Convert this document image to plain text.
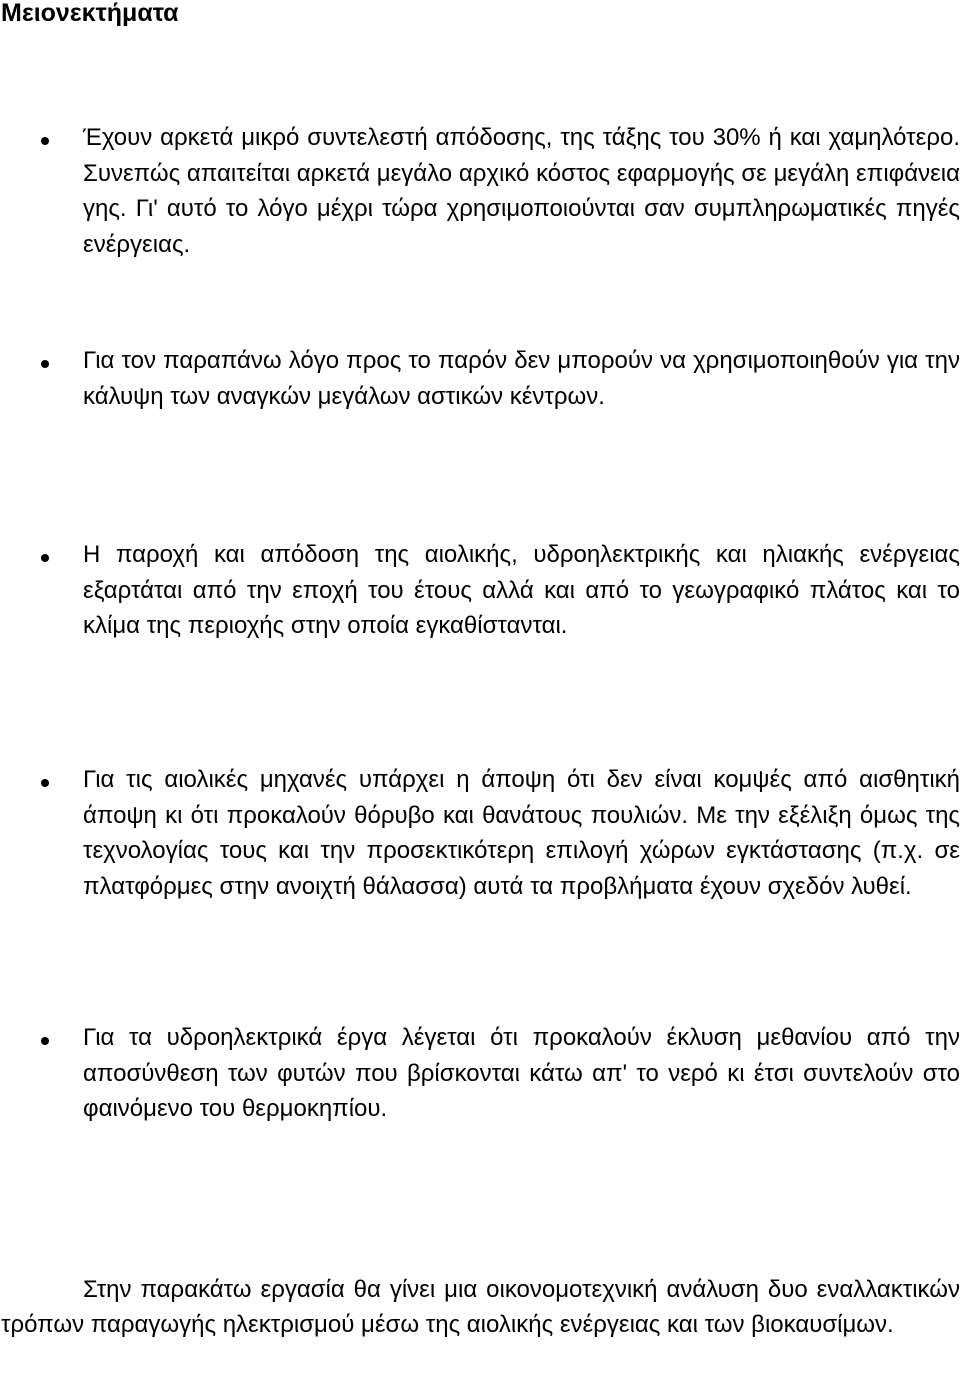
Μειονεκτήματα

Έχουν αρκετά μικρό συντελεστή απόδοσης, της τάξης του 30% ή και χαμηλότερο. Συνεπώς απαιτείται αρκετά μεγάλο αρχικό κόστος εφαρμογής σε μεγάλη επιφάνεια γης. Γι' αυτό το λόγο μέχρι τώρα χρησιμοποιούνται σαν συμπληρωματικές πηγές ενέργειας.

Για τον παραπάνω λόγο προς το παρόν δεν μπορούν να χρησιμοποιηθούν για την κάλυψη των αναγκών μεγάλων αστικών κέντρων.

Η παροχή και απόδοση της αιολικής, υδροηλεκτρικής και ηλιακής ενέργειας εξαρτάται από την εποχή του έτους αλλά και από το γεωγραφικό πλάτος και το κλίμα της περιοχής στην οποία εγκαθίστανται.

Για τις αιολικές μηχανές υπάρχει η άποψη ότι δεν είναι κομψές από αισθητική άποψη κι ότι προκαλούν θόρυβο και θανάτους πουλιών. Με την εξέλιξη όμως της τεχνολογίας τους και την προσεκτικότερη επιλογή χώρων εγκτάστασης (π.χ. σε πλατφόρμες στην ανοιχτή θάλασσα) αυτά τα προβλήματα έχουν σχεδόν λυθεί.

Για τα υδροηλεκτρικά έργα λέγεται ότι προκαλούν έκλυση μεθανίου από την αποσύνθεση των φυτών που βρίσκονται κάτω απ' το νερό κι έτσι συντελούν στο φαινόμενο του θερμοκηπίου.

Στην παρακάτω εργασία θα γίνει μια οικονομοτεχνική ανάλυση δυο εναλλακτικών τρόπων παραγωγής ηλεκτρισμού μέσω της αιολικής ενέργειας και των βιοκαυσίμων.
